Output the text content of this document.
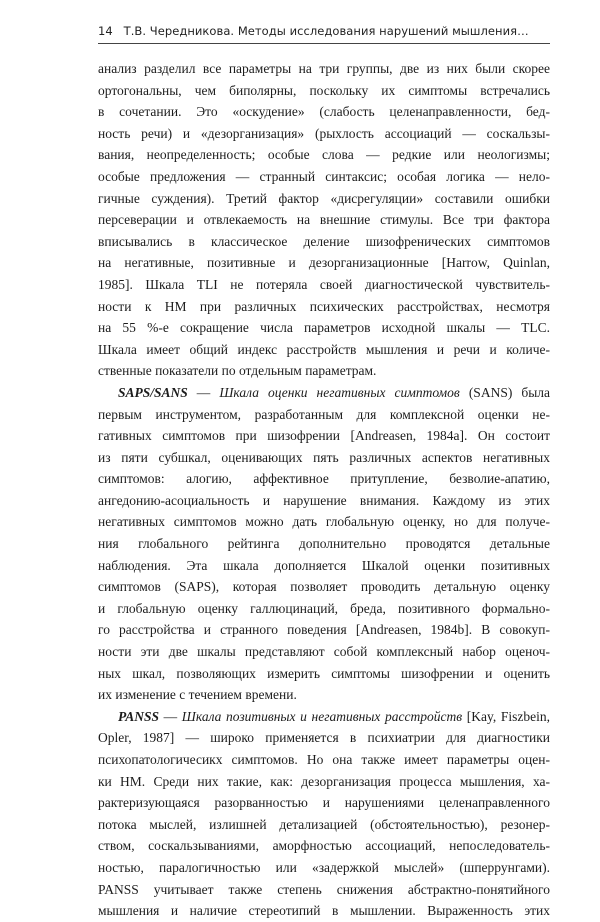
14 Т.В. Чередникова. Методы исследования нарушений мышления…
анализ разделил все параметры на три группы, две из них были скорее
ортогональны, чем биполярны, поскольку их симптомы встречались
в сочетании. Это «оскудение» (слабость целенаправленности, бед-
ность речи) и «дезорганизация» (рыхлость ассоциаций — соскальзы-
вания, неопределенность; особые слова — редкие или неологизмы;
особые предложения — странный синтаксис; особая логика — нело-
гичные суждения). Третий фактор «дисрегуляции» составили ошибки
персеверации и отвлекаемость на внешние стимулы. Все три фактора
вписывались в классическое деление шизофренических симптомов
на негативные, позитивные и дезорганизационные [Harrow, Quinlan,
1985]. Шкала TLI не потеряла своей диагностической чувствитель-
ности к НМ при различных психических расстройствах, несмотря
на 55 %-е сокращение числа параметров исходной шкалы — TLC.
Шкала имеет общий индекс расстройств мышления и речи и количе-
ственные показатели по отдельным параметрам.
SAPS/SANS — Шкала оценки негативных симптомов (SANS) была
первым инструментом, разработанным для комплексной оценки не-
гативных симптомов при шизофрении [Andreasen, 1984a]. Он состоит
из пяти субшкал, оценивающих пять различных аспектов негативных
симптомов: алогию, аффективное притупление, безволие-апатию,
ангедонию-асоциальность и нарушение внимания. Каждому из этих
негативных симптомов можно дать глобальную оценку, но для получе-
ния глобального рейтинга дополнительно проводятся детальные
наблюдения. Эта шкала дополняется Шкалой оценки позитивных
симптомов (SAPS), которая позволяет проводить детальную оценку
и глобальную оценку галлюцинаций, бреда, позитивного формально-
го расстройства и странного поведения [Andreasen, 1984b]. В совокуп-
ности эти две шкалы представляют собой комплексный набор оценоч-
ных шкал, позволяющих измерить симптомы шизофрении и оценить
их изменение с течением времени.
PANSS — Шкала позитивных и негативных расстройств [Kay, Fiszbein,
Opler, 1987] — широко применяется в психиатрии для диагностики
психопатологичесикх симптомов. Но она также имеет параметры оцен-
ки НМ. Среди них такие, как: дезорганизация процесса мышления, ха-
рактеризующаяся разорванностью и нарушениями целенаправленного
потока мыслей, излишней детализацией (обстоятельностью), резонер-
ством, соскальзываниями, аморфностью ассоциаций, непоследователь-
ностью, паралогичностью или «задержкой мыслей» (шперрунгами).
PANSS учитывает также степень снижения абстрактно-понятийного
мышления и наличие стереотипий в мышлении. Выраженность этих
